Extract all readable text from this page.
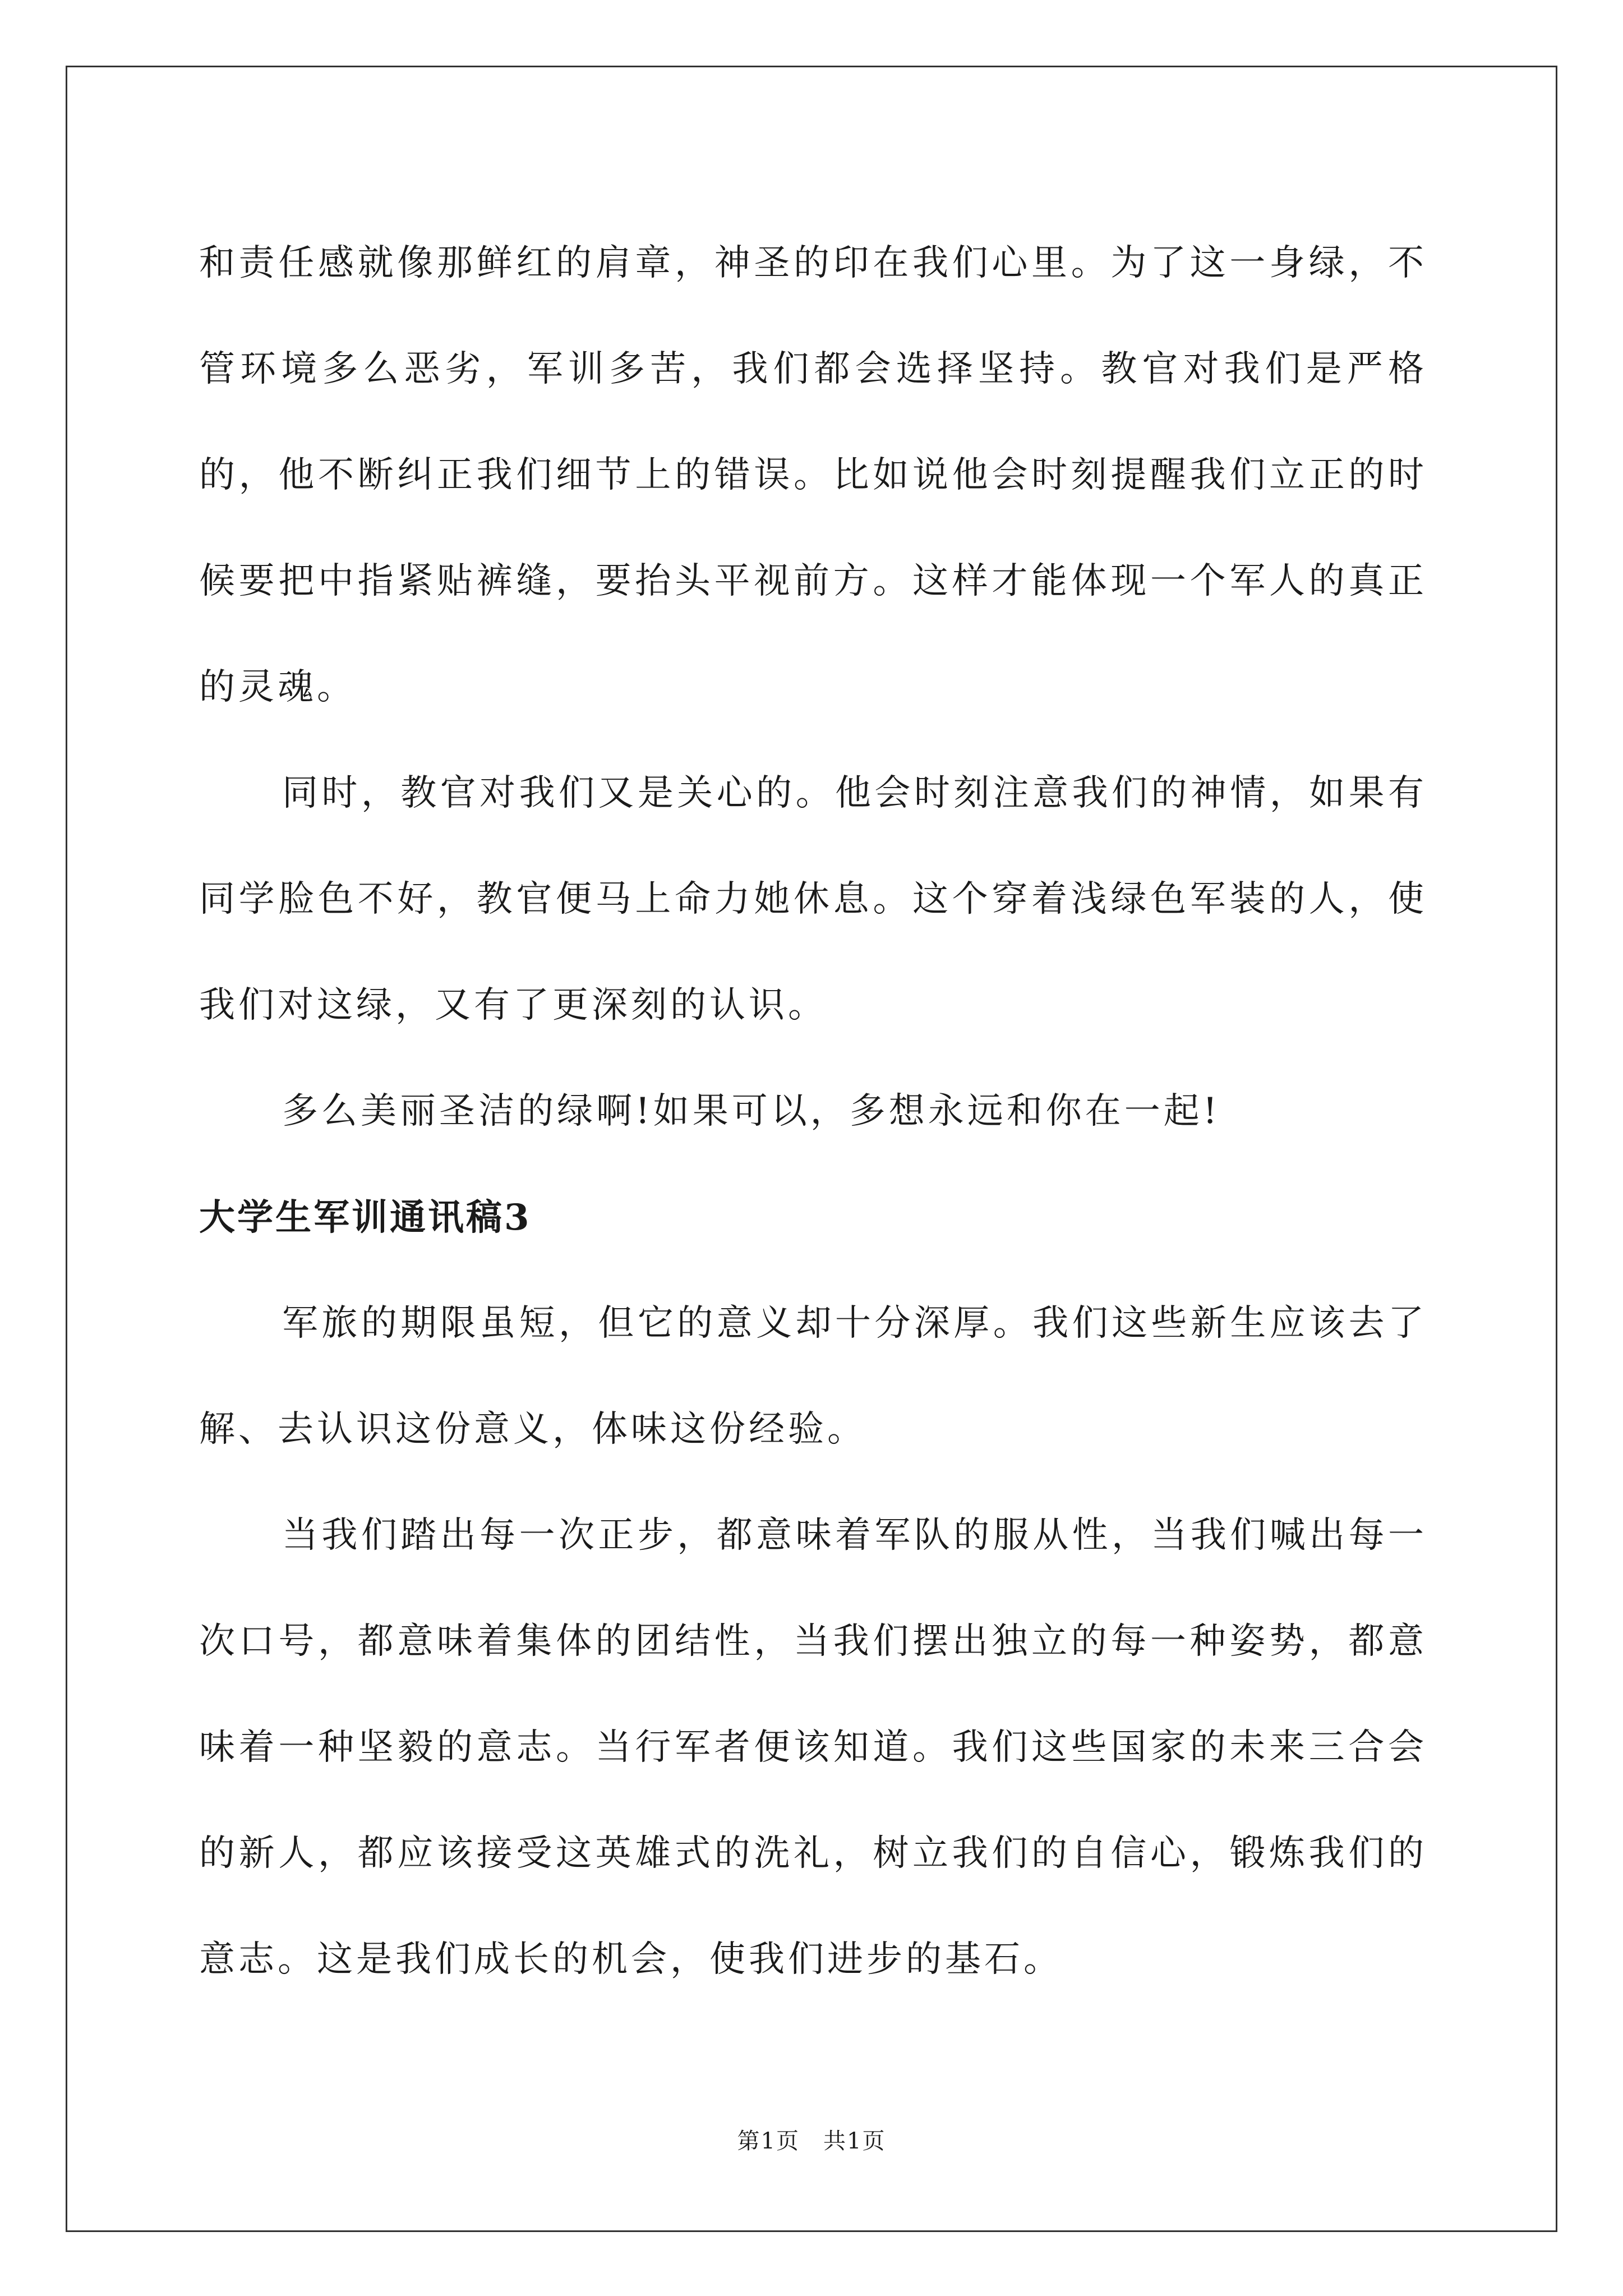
和责任感就像那鲜红的肩章，神圣的印在我们心里。为了这一身绿，不管环境多么恶劣，军训多苦，我们都会选择坚持。教官对我们是严格的，他不断纠正我们细节上的错误。比如说他会时刻提醒我们立正的时候要把中指紧贴裤缝，要抬头平视前方。这样才能体现一个军人的真正的灵魂。

同时，教官对我们又是关心的。他会时刻注意我们的神情，如果有同学脸色不好，教官便马上命力她休息。这个穿着浅绿色军装的人，使我们对这绿，又有了更深刻的认识。

多么美丽圣洁的绿啊!如果可以，多想永远和你在一起!

大学生军训通讯稿3

军旅的期限虽短，但它的意义却十分深厚。我们这些新生应该去了解、去认识这份意义，体味这份经验。

当我们踏出每一次正步，都意味着军队的服从性，当我们喊出每一次口号，都意味着集体的团结性，当我们摆出独立的每一种姿势，都意味着一种坚毅的意志。当行军者便该知道。我们这些国家的未来三合会的新人，都应该接受这英雄式的洗礼，树立我们的自信心，锻炼我们的意志。这是我们成长的机会，使我们进步的基石。

第1页　共1页
